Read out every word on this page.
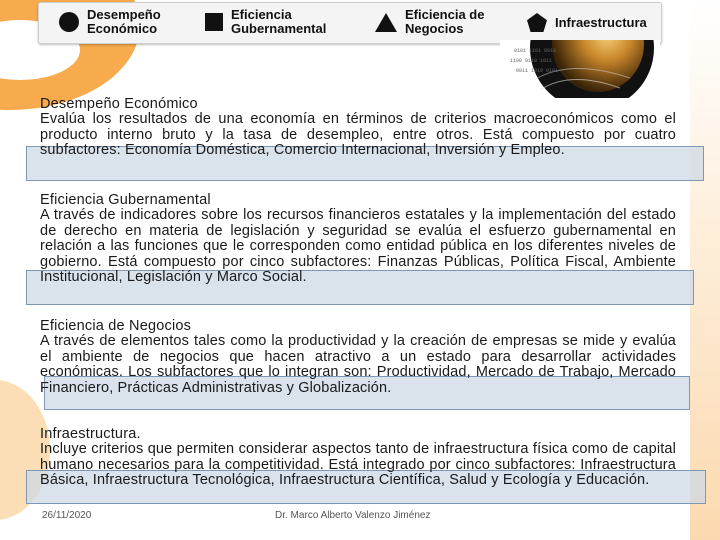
Desempeño
Económico
Eficiencia
Gubernamental
Eficiencia de
Negocios	Infraestructura
0101 1101 0010
1100 0110 1011
0011 1010 0101
Desempeño Económico

Evalúa los resultados de una economía en términos de criterios macroeconómicos como el producto interno bruto y la tasa de desempleo, entre otros. Está compuesto por cuatro subfactores: Economía Doméstica, Comercio Internacional, Inversión y Empleo.

Eficiencia Gubernamental

A través de indicadores sobre los recursos financieros estatales y la implementación del estado de derecho en materia de legislación y seguridad se evalúa el esfuerzo gubernamental en relación a las funciones que le corresponden como entidad pública en los diferentes niveles de gobierno. Está compuesto por cinco subfactores: Finanzas Públicas, Política Fiscal, Ambiente Institucional, Legislación y Marco Social.

Eficiencia de Negocios

A través de elementos tales como la productividad y la creación de empresas se mide y evalúa el ambiente de negocios que hacen atractivo a un estado para desarrollar actividades económicas. Los subfactores que lo integran son: Productividad, Mercado de Trabajo, Mercado Financiero, Prácticas Administrativas y Globalización.

Infraestructura.

Incluye criterios que permiten considerar aspectos tanto de infraestructura física como de capital humano necesarios para la competitividad. Está integrado por cinco subfactores: Infraestructura Básica, Infraestructura Tecnológica, Infraestructura Científica, Salud y Ecología y Educación.

26/11/2020	Dr. Marco Alberto Valenzo Jiménez
